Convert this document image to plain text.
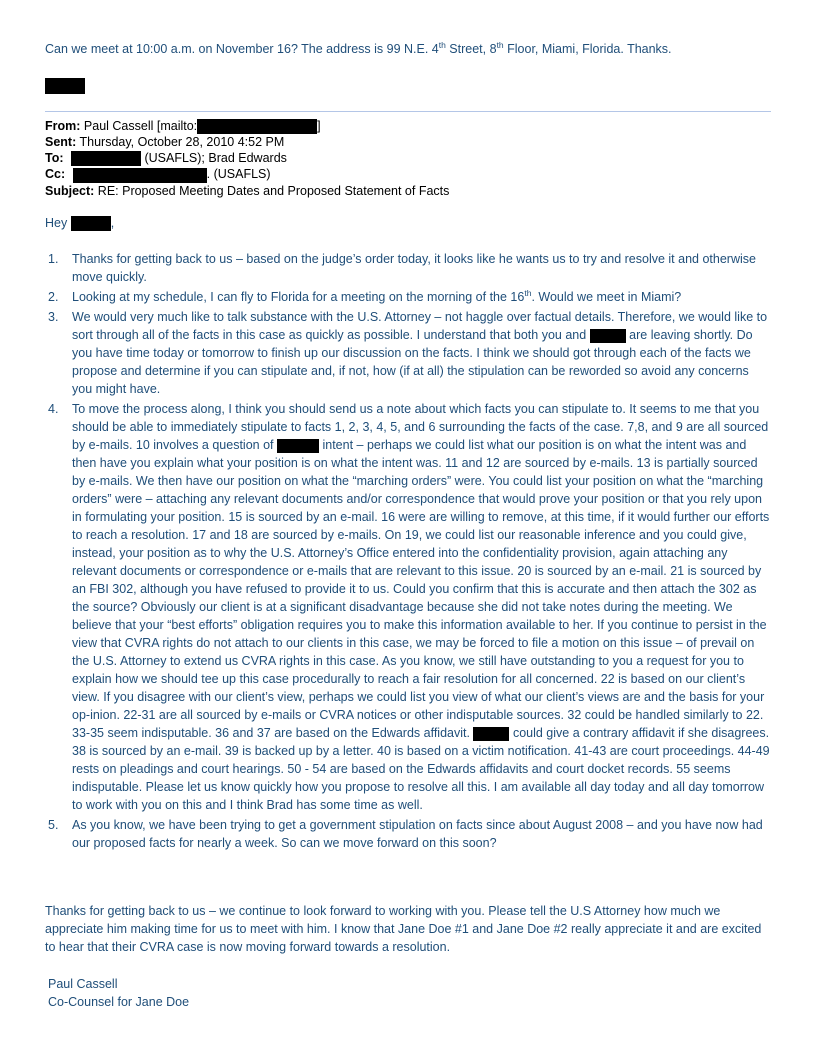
Can we meet at 10:00 a.m. on November 16? The address is 99 N.E. 4th Street, 8th Floor, Miami, Florida. Thanks.
From: Paul Cassell [mailto:	]
Sent: Thursday, October 28, 2010 4:52 PM
To:	(USAFLS); Brad Edwards
Cc:	. (USAFLS)
Subject: RE: Proposed Meeting Dates and Proposed Statement of Facts
Hey	,
1. Thanks for getting back to us – based on the judge’s order today, it looks like he wants us to try and resolve it and otherwise move quickly.
2. Looking at my schedule, I can fly to Florida for a meeting on the morning of the 16th. Would we meet in Miami?
3. We would very much like to talk substance with the U.S. Attorney – not haggle over factual details. Therefore, we would like to sort through all of the facts in this case as quickly as possible. I understand that both you and	are leaving shortly. Do you have time today or tomorrow to finish up our discussion on the facts. I think we should got through each of the facts we propose and determine if you can stipulate and, if not, how (if at all) the stipulation can be reworded so avoid any concerns you might have.
4. To move the process along, I think you should send us a note about which facts you can stipulate to. It seems to me that you should be able to immediately stipulate to facts 1, 2, 3, 4, 5, and 6 surrounding the facts of the case. 7,8, and 9 are all sourced by e-mails. 10 involves a question of	intent – perhaps we could list what our position is on what the intent was and then have you explain what your position is on what the intent was. 11 and 12 are sourced by e-mails. 13 is partially sourced by e-mails. We then have our position on what the “marching orders” were. You could list your position on what the “marching orders” were – attaching any relevant documents and/or correspondence that would prove your position or that you rely upon in formulating your position. 15 is sourced by an e-mail. 16 were are willing to remove, at this time, if it would further our efforts to reach a resolution. 17 and 18 are sourced by e-mails. On 19, we could list our reasonable inference and you could give, instead, your position as to why the U.S. Attorney’s Office entered into the confidentiality provision, again attaching any relevant documents or correspondence or e-mails that are relevant to this issue. 20 is sourced by an e-mail. 21 is sourced by an FBI 302, although you have refused to provide it to us. Could you confirm that this is accurate and then attach the 302 as the source? Obviously our client is at a significant disadvantage because she did not take notes during the meeting. We believe that your “best efforts” obligation requires you to make this information available to her. If you continue to persist in the view that CVRA rights do not attach to our clients in this case, we may be forced to file a motion on this issue – of prevail on the U.S. Attorney to extend us CVRA rights in this case. As you know, we still have outstanding to you a request for you to explain how we should tee up this case procedurally to reach a fair resolution for all concerned. 22 is based on our client’s view. If you disagree with our client’s view, perhaps we could list you view of what our client’s views are and the basis for your op-inion. 22-31 are all sourced by e-mails or CVRA notices or other indisputable sources. 32 could be handled similarly to 22. 33-35 seem indisputable. 36 and 37 are based on the Edwards affidavit.	could give a contrary affidavit if she disagrees. 38 is sourced by an e-mail. 39 is backed up by a letter. 40 is based on a victim notification. 41-43 are court proceedings. 44-49 rests on pleadings and court hearings. 50 - 54 are based on the Edwards affidavits and court docket records. 55 seems indisputable. Please let us know quickly how you propose to resolve all this. I am available all day today and all day tomorrow to work with you on this and I think Brad has some time as well.
5. As you know, we have been trying to get a government stipulation on facts since about August 2008 – and you have now had our proposed facts for nearly a week. So can we move forward on this soon?
Thanks for getting back to us – we continue to look forward to working with you. Please tell the U.S Attorney how much we appreciate him making time for us to meet with him. I know that Jane Doe #1 and Jane Doe #2 really appreciate it and are excited to hear that their CVRA case is now moving forward towards a resolution.
Paul Cassell
Co-Counsel for Jane Doe
